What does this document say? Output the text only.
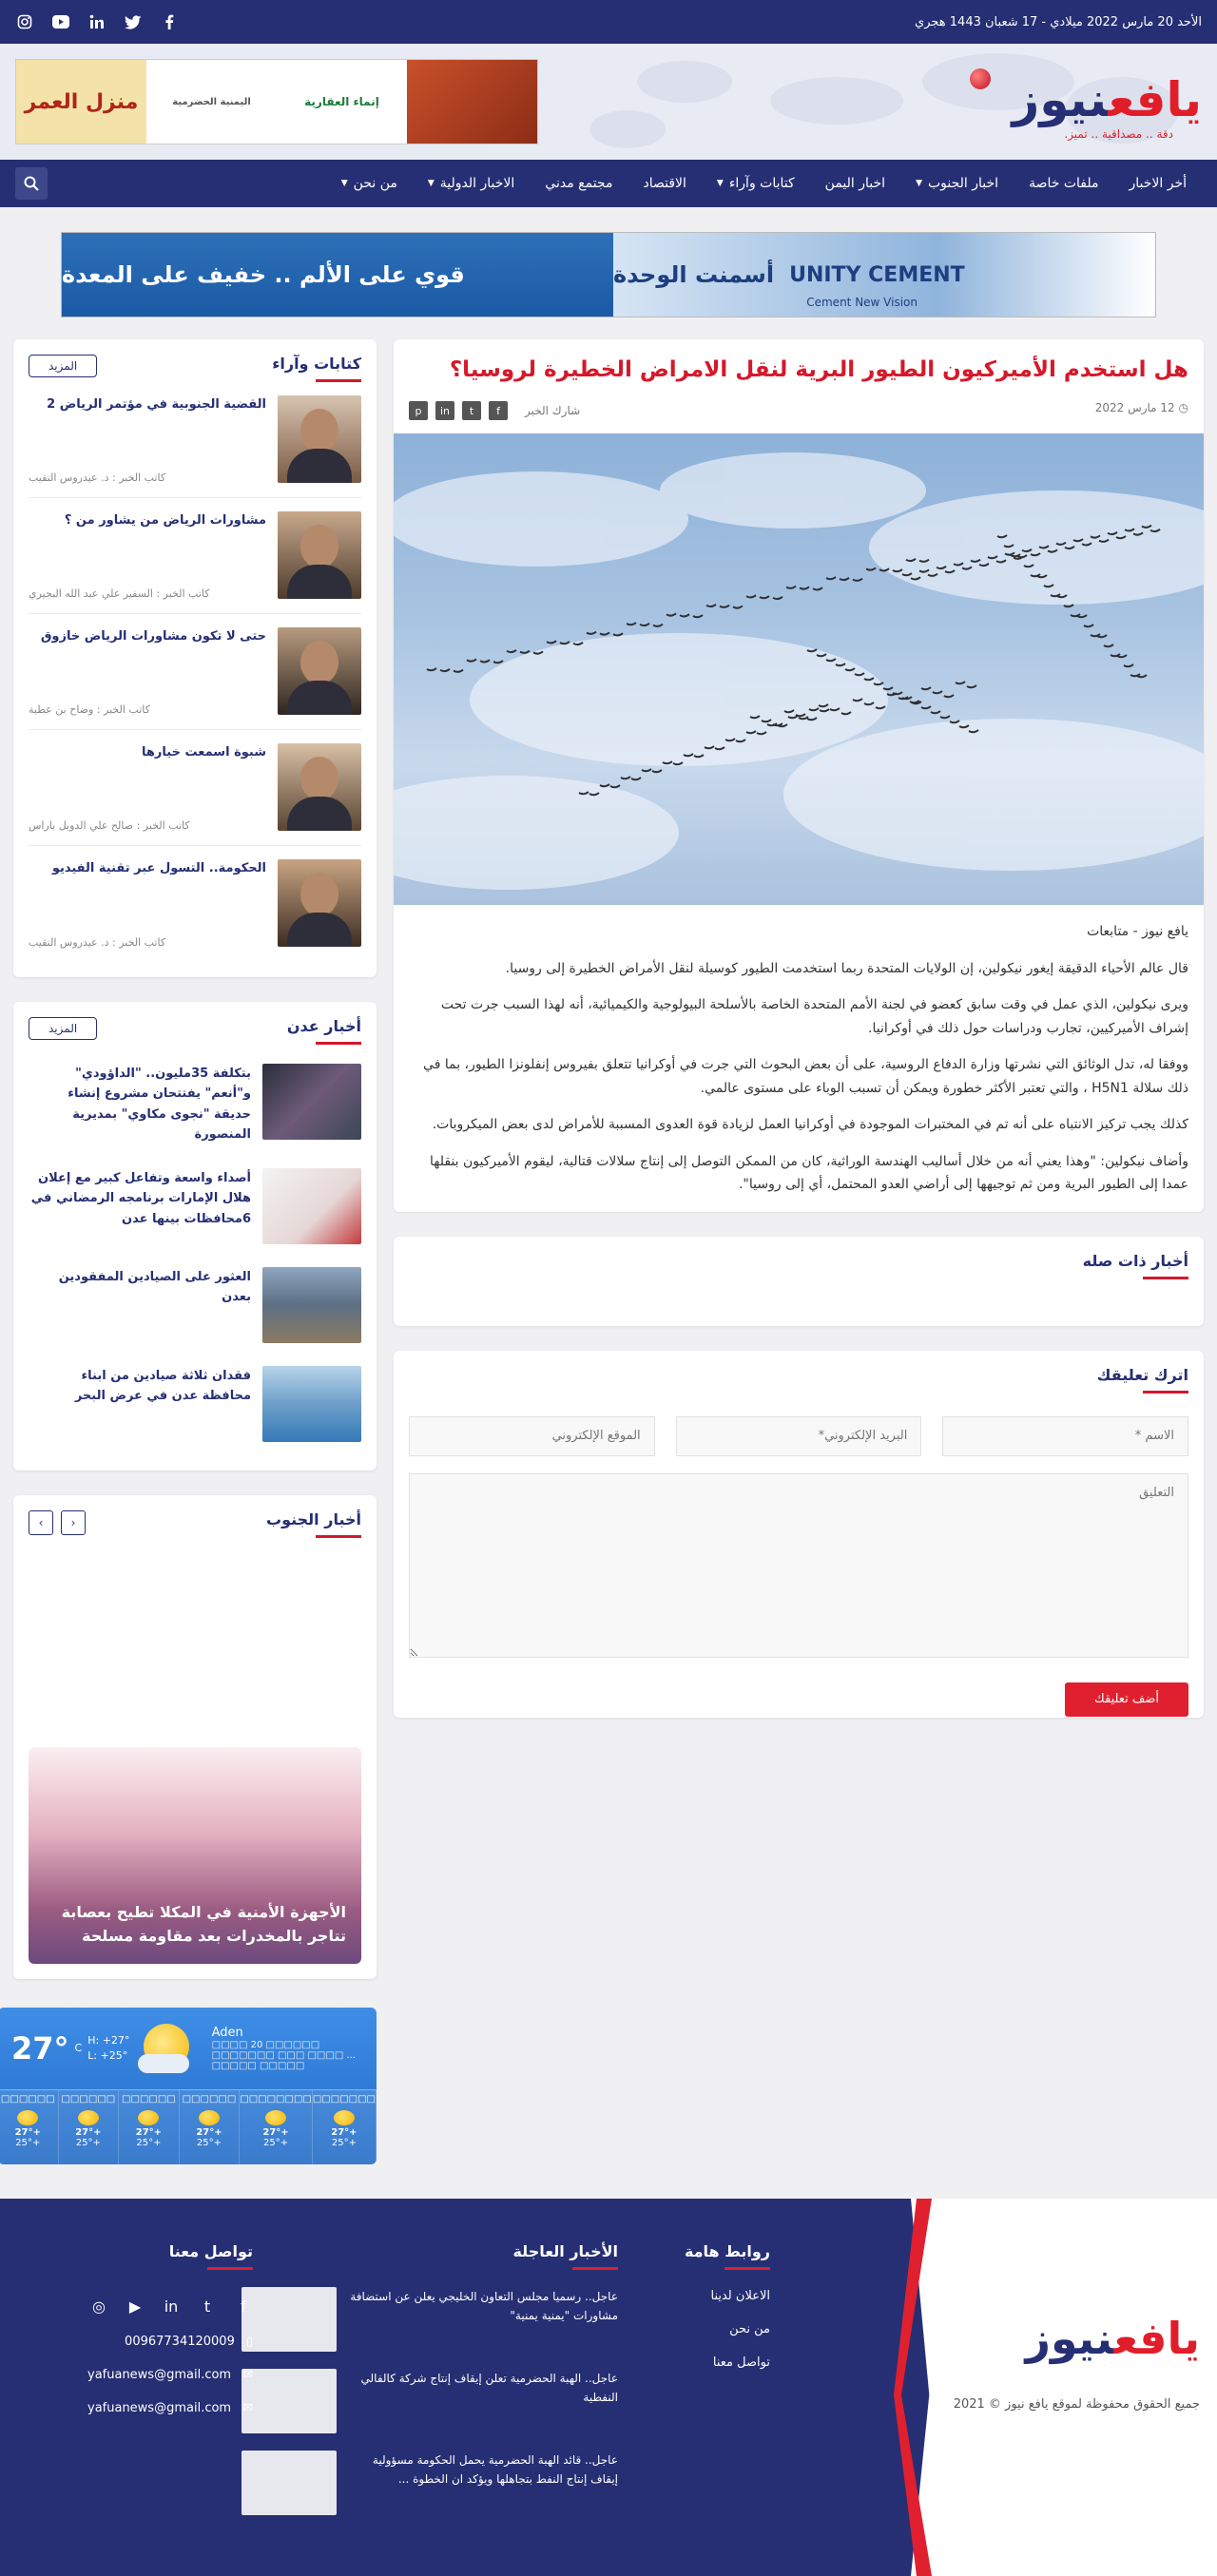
الأحد 20 مارس 2022 ميلادي - 17 شعبان 1443 هجري
يافعنيوز
دقة .. مصداقية .. تميز.
إنماء العقارية
اليمنية الحضرمية
منزل العمر
أخر الاخبار
ملفات خاصة
اخبار الجنوب
▼
اخبار اليمن
كتابات وآراء
▼
الاقتصاد
مجتمع مدني
الاخبار الدولية
▼
من نحن
▼
UNITY CEMENT
أسمنت الوحدة
Cement New Vision
قوي على الألم .. خفيف على المعدة
هل استخدم الأميركيون الطيور البرية لنقل الامراض الخطيرة لروسيا؟
◷ 12 مارس 2022
شارك الخبر
f
t
in
p

يافع نيوز - متابعات

قال عالم الأحياء الدقيقة إيغور نيكولين، إن الولايات المتحدة ربما استخدمت الطيور كوسيلة لنقل الأمراض الخطيرة إلى روسيا.

ويرى نيكولين، الذي عمل في وقت سابق كعضو في لجنة الأمم المتحدة الخاصة بالأسلحة البيولوجية والكيميائية، أنه لهذا السبب جرت تحت إشراف الأميركيين، تجارب ودراسات حول ذلك في أوكرانيا.

ووفقا له، تدل الوثائق التي نشرتها وزارة الدفاع الروسية، على أن بعض البحوث التي جرت في أوكرانيا تتعلق بفيروس إنفلونزا الطيور، بما في ذلك سلالة H5N1 ، والتي تعتبر الأكثر خطورة ويمكن أن تسبب الوباء على مستوى عالمي.

كذلك يجب تركيز الانتباه على أنه تم في المختبرات الموجودة في أوكرانيا العمل لزيادة قوة العدوى المسببة للأمراض لدى بعض الميكروبات.

وأضاف نيكولين: "وهذا يعني أنه من خلال أساليب الهندسة الوراثية، كان من الممكن التوصل إلى إنتاج سلالات قتالية، ليقوم الأميركيون بنقلها عمدا إلى الطيور البرية ومن ثم توجيهها إلى أراضي العدو المحتمل، أي إلى روسيا".

أخبار ذات صله
اترك تعليقك
الاسم *
البريد الإلكتروني*
الموقع الإلكتروني
التعليق أضف تعليقك
كتابات وآراء
المزيد
القضية الجنوبية في مؤتمر الرياض 2
كاتب الخبر : د. عيدروس النقيب
مشاورات الرياض من يشاور من ؟
كاتب الخبر : السفير علي عبد الله البجيري
حتى لا تكون مشاورات الرياض خازوق
كاتب الخبر : وضاح بن عطية
شبوة اسمعت خيارها
كاتب الخبر : صالح علي الدويل باراس
الحكومة.. التسول عبر تقنية الفيديو
كاتب الخبر : د. عيدروس النقيب
أخبار عدن
المزيد
بتكلفة 35مليون.. "الداؤودي" و"أنعم" يفتتحان مشروع إنشاء حديقة "نجوى مكاوي" بمديرية المنصورة
أصداء واسعة وتفاعل كبير مع إعلان هلال الإمارات برنامجه الرمضاني في 6محافظات بينها عدن
العثور على الصيادين المفقودين بعدن
فقدان ثلاثة صيادين من ابناء محافظة عدن في عرض البحر
أخبار الجنوب
‹	›
الأجهزة الأمنية في المكلا تطيح بعصابة تتاجر بالمخدرات بعد مقاومة مسلحة
Aden
□□□□ 20 □□□□□□
□□□□□□□ □□□ □□□□ ...
□□□□□ □□□□□
27° C
H: +27°
L: +25°
□□□□□□
27°+
25°+
□□□□□□
27°+
25°+
□□□□□□
27°+
25°+
□□□□□□
27°+
25°+
□□□□□□□□
27°+
25°+
□□□□□□□
27°+
25°+
يافعنيوز
جميع الحقوق محفوظة لموقع يافع نيوز © 2021
روابط هامة
الاعلان لدينا
من نحن
تواصل معنا
الأخبار العاجلة
عاجل.. رسميا مجلس التعاون الخليجي يعلن عن استضافة مشاورات "يمنية يمنية"
عاجل.. الهبة الحضرمية تعلن إيقاف إنتاج شركة كالفالي النفطية
عاجل.. قائد الهبة الحضرمية يحمل الحكومة مسؤولية إيقاف إنتاج النفط بتجاهلها ويؤكد ان الخطوة ...
تواصل معنا
◎ ▶ in	t	f
00967734120009 ▯
yafuanews@gmail.com ✉
yafuanews@gmail.com ✉
